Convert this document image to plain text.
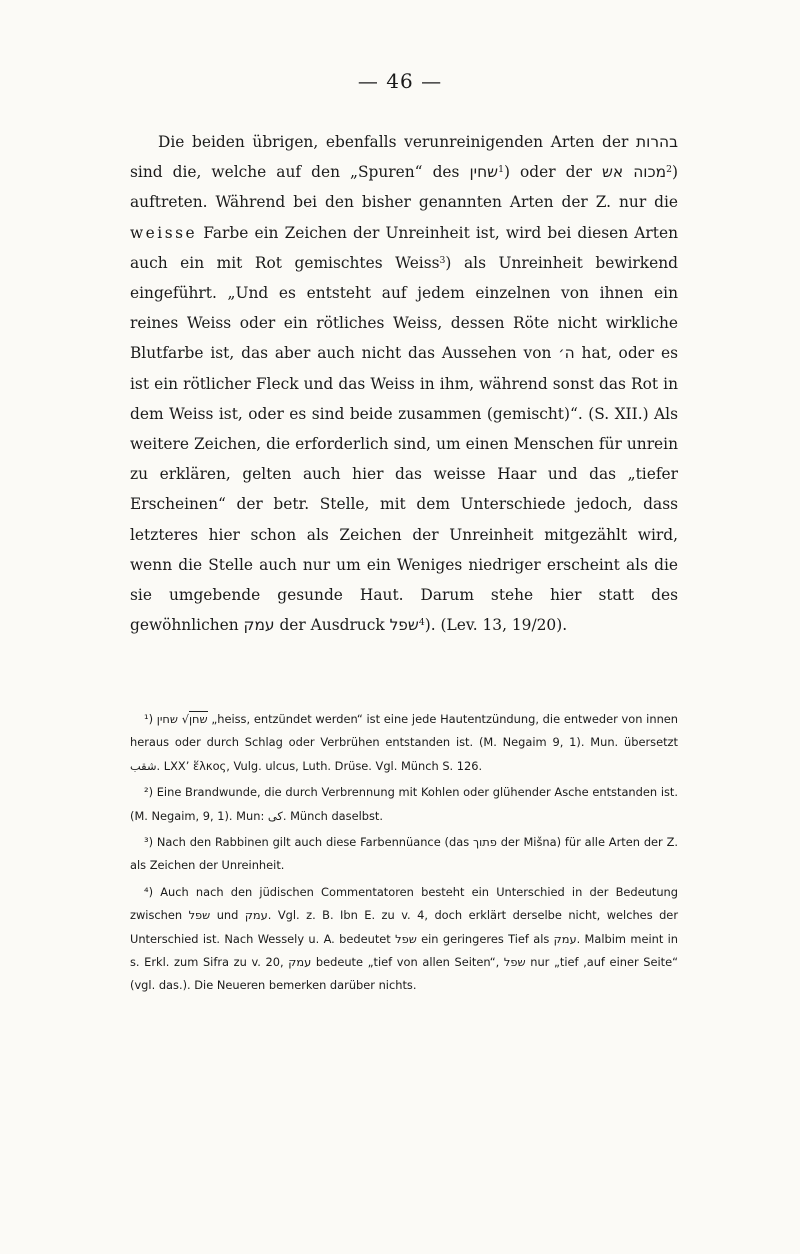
— 46 —

Die beiden übrigen, ebenfalls verunreinigenden Arten der בהרות sind die, welche auf den „Spuren“ des שחין$^1$) oder der מכוה אש$^2$) auftreten. Während bei den bisher genannten Arten der Z. nur die weisse Farbe ein Zeichen der Unreinheit ist, wird bei diesen Arten auch ein mit Rot gemischtes Weiss$^3$) als Unreinheit bewirkend eingeführt. „Und es entsteht auf jedem einzelnen von ihnen ein reines Weiss oder ein rötliches Weiss, dessen Röte nicht wirkliche Blutfarbe ist, das aber auch nicht das Aussehen von ה׳ hat, oder es ist ein rötlicher Fleck und das Weiss in ihm, während sonst das Rot in dem Weiss ist, oder es sind beide zusammen (gemischt)“. (S. XII.) Als weitere Zeichen, die erforderlich sind, um einen Menschen für unrein zu erklären, gelten auch hier das weisse Haar und das „tiefer Erscheinen“ der betr. Stelle, mit dem Unterschiede jedoch, dass letzteres hier schon als Zeichen der Unreinheit mitgezählt wird, wenn die Stelle auch nur um ein Weniges niedriger erscheint als die sie umgebende gesunde Haut. Darum stehe hier statt des gewöhnlichen עמק der Ausdruck שפל$^4$). (Lev. 13, 19/20).

¹) שחין √שחן „heiss, entzündet werden“ ist eine jede Hautentzündung, die entweder von innen heraus oder durch Schlag oder Verbrühen entstanden ist. (M. Negaim 9, 1). Mun. übersetzt شقب. LXX’ ἕλκος, Vulg. ulcus, Luth. Drüse. Vgl. Münch S. 126.

²) Eine Brandwunde, die durch Verbrennung mit Kohlen oder glühender Asche entstanden ist. (M. Negaim, 9, 1). Mun: كى. Münch daselbst.

³) Nach den Rabbinen gilt auch diese Farbennüance (das פתוך der Mišna) für alle Arten der Z. als Zeichen der Unreinheit.

⁴) Auch nach den jüdischen Commentatoren besteht ein Unterschied in der Bedeutung zwischen שפל und עמק. Vgl. z. B. Ibn E. zu v. 4, doch erklärt derselbe nicht, welches der Unterschied ist. Nach Wessely u. A. bedeutet שפל ein geringeres Tief als עמק. Malbim meint in s. Erkl. zum Sifra zu v. 20, עמק bedeute „tief von allen Seiten“, שפל nur „tief ‚auf einer Seite“ (vgl. das.). Die Neueren bemerken darüber nichts.
